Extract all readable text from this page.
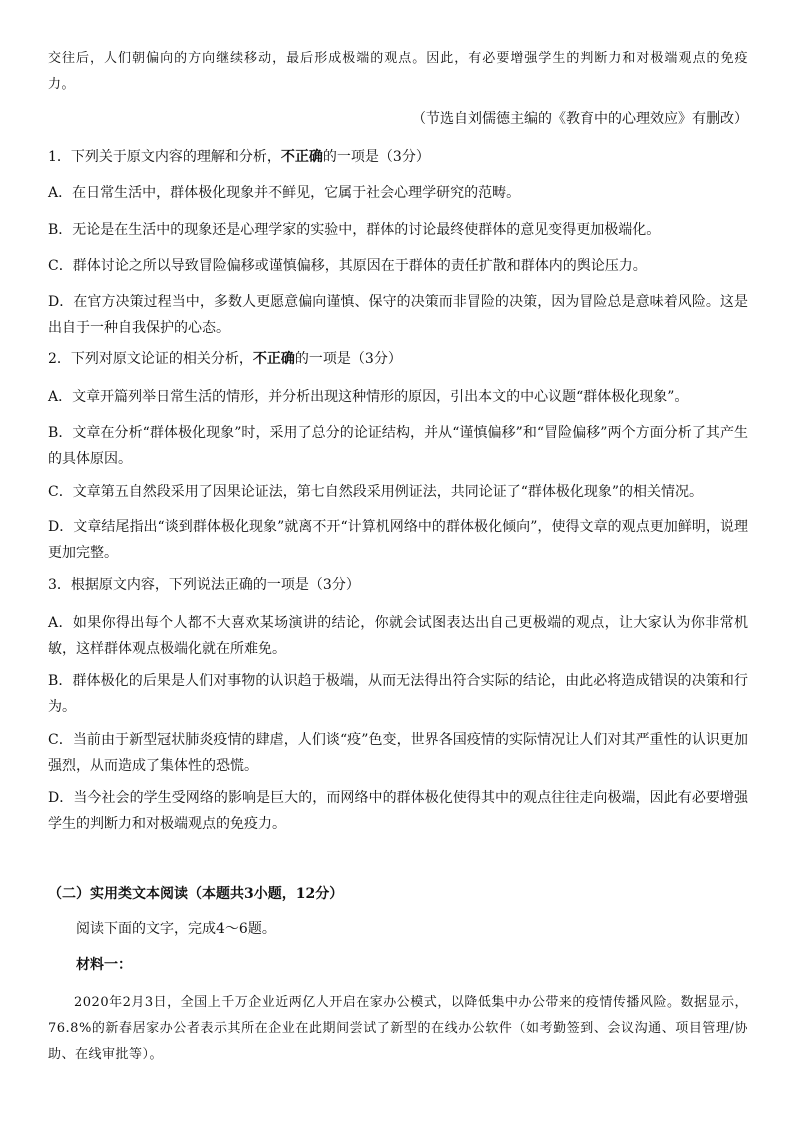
交往后，人们朝偏向的方向继续移动，最后形成极端的观点。因此，有必要增强学生的判断力和对极端观点的免疫力。

（节选自刘儒德主编的《教育中的心理效应》有删改）

1．下列关于原文内容的理解和分析，不正确的一项是（3分）

A．在日常生活中，群体极化现象并不鲜见，它属于社会心理学研究的范畴。

B．无论是在生活中的现象还是心理学家的实验中，群体的讨论最终使群体的意见变得更加极端化。

C．群体讨论之所以导致冒险偏移或谨慎偏移，其原因在于群体的责任扩散和群体内的舆论压力。

D．在官方决策过程当中，多数人更愿意偏向谨慎、保守的决策而非冒险的决策，因为冒险总是意味着风险。这是出自于一种自我保护的心态。

2．下列对原文论证的相关分析，不正确的一项是（3分）

A．文章开篇列举日常生活的情形，并分析出现这种情形的原因，引出本文的中心议题“群体极化现象”。

B．文章在分析“群体极化现象”时，采用了总分的论证结构，并从“谨慎偏移”和“冒险偏移”两个方面分析了其产生的具体原因。

C．文章第五自然段采用了因果论证法，第七自然段采用例证法，共同论证了“群体极化现象”的相关情况。

D．文章结尾指出“谈到群体极化现象”就离不开“计算机网络中的群体极化倾向”，使得文章的观点更加鲜明，说理更加完整。

3．根据原文内容，下列说法正确的一项是（3分）

A．如果你得出每个人都不大喜欢某场演讲的结论，你就会试图表达出自己更极端的观点，让大家认为你非常机敏，这样群体观点极端化就在所难免。

B．群体极化的后果是人们对事物的认识趋于极端，从而无法得出符合实际的结论，由此必将造成错误的决策和行为。

C．当前由于新型冠状肺炎疫情的肆虐，人们谈“疫”色变，世界各国疫情的实际情况让人们对其严重性的认识更加强烈，从而造成了集体性的恐慌。

D．当今社会的学生受网络的影响是巨大的，而网络中的群体极化使得其中的观点往往走向极端，因此有必要增强学生的判断力和对极端观点的免疫力。

（二）实用类文本阅读（本题共3小题，12分）

阅读下面的文字，完成4～6题。

材料一：

2020年2月3日，全国上千万企业近两亿人开启在家办公模式，以降低集中办公带来的疫情传播风险。数据显示，76.8%的新春居家办公者表示其所在企业在此期间尝试了新型的在线办公软件（如考勤签到、会议沟通、项目管理/协助、在线审批等）。
